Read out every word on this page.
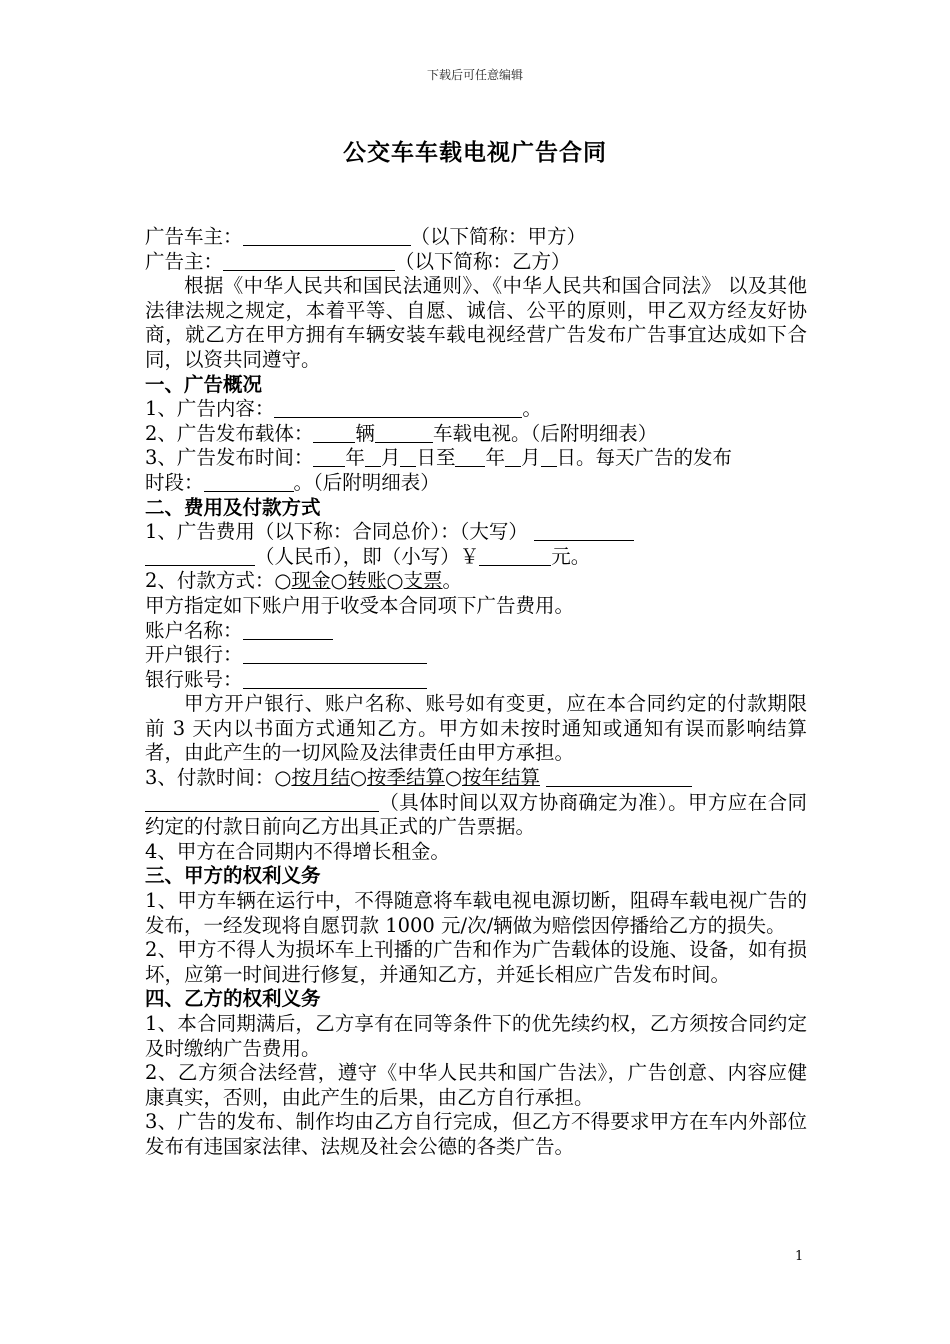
下载后可任意编辑
公交车车载电视广告合同
广告车主：	（以下简称：甲方）
广告主：	（以下简称：乙方）
根据《中华人民共和国民法通则》、《中华人民共和国合同法》 以及其他法律法规之规定，本着平等、自愿、诚信、公平的原则，甲乙双方经友好协商，就乙方在甲方拥有车辆安装车载电视经营广告发布广告事宜达成如下合同，以资共同遵守。
一、广告概况
1、广告内容：	。
2、广告发布载体： 辆	车载电视。（后附明细表）
3、广告发布时间： 年 月 日至 年 月 日。每天广告的发布
时段：	。（后附明细表）
二、费用及付款方式
1、广告费用（以下称：合同总价）：（大写）
（人民币），即（小写）￥	元。
2、付款方式：○现金○转账○支票。
甲方指定如下账户用于收受本合同项下广告费用。
账户名称：
开户银行：
银行账号：
甲方开户银行、账户名称、账号如有变更，应在本合同约定的付款期限前 3 天内以书面方式通知乙方。甲方如未按时通知或通知有误而影响结算者，由此产生的一切风险及法律责任由甲方承担。
3、付款时间：○按月结○按季结算○按年结算
（具体时间以双方协商确定为准）。甲方应在合同约定的付款日前向乙方出具正式的广告票据。
4、甲方在合同期内不得增长租金。
三、甲方的权利义务
1、甲方车辆在运行中，不得随意将车载电视电源切断，阻碍车载电视广告的发布，一经发现将自愿罚款 1000 元/次/辆做为赔偿因停播给乙方的损失。
2、甲方不得人为损坏车上刊播的广告和作为广告载体的设施、设备，如有损坏，应第一时间进行修复，并通知乙方，并延长相应广告发布时间。
四、乙方的权利义务
1、本合同期满后，乙方享有在同等条件下的优先续约权，乙方须按合同约定及时缴纳广告费用。
2、乙方须合法经营，遵守《中华人民共和国广告法》，广告创意、内容应健康真实，否则，由此产生的后果，由乙方自行承担。
3、广告的发布、制作均由乙方自行完成，但乙方不得要求甲方在车内外部位发布有违国家法律、法规及社会公德的各类广告。
1
